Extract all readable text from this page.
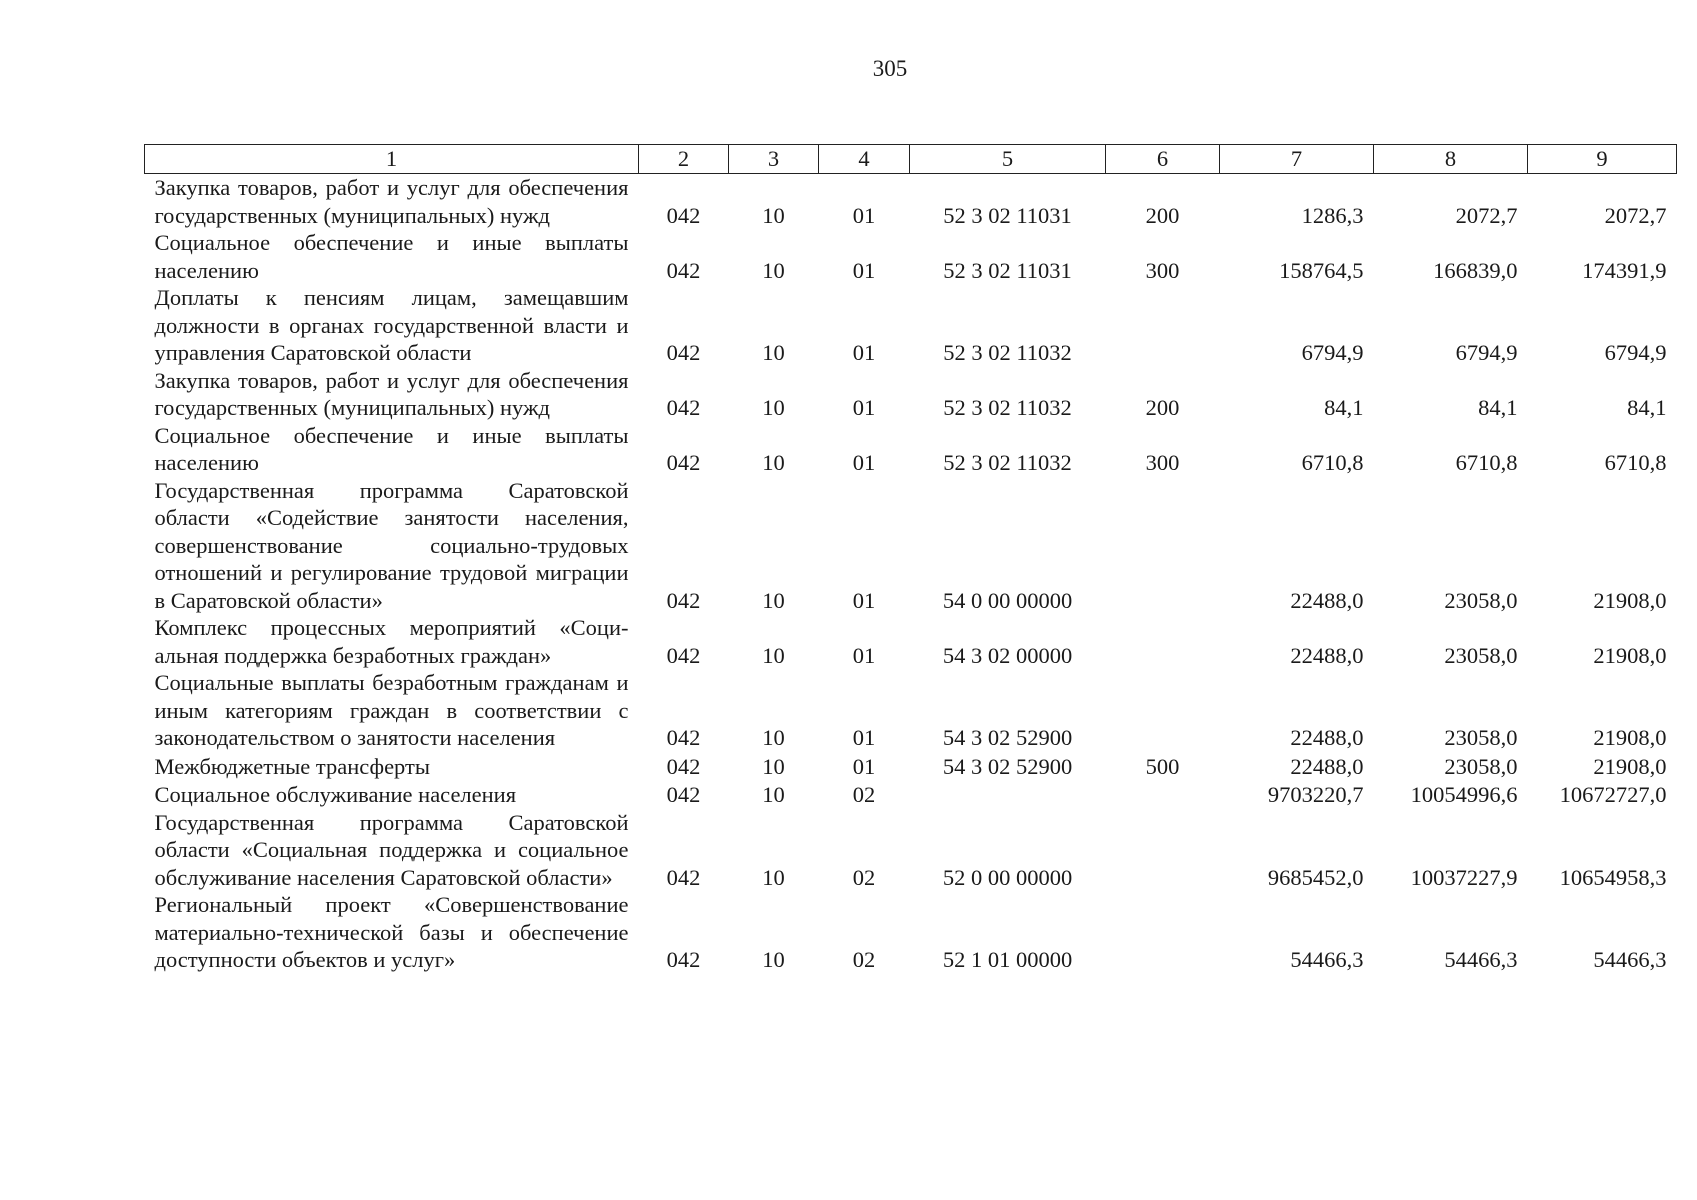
305
1	2	3	4	5	6	7	8	9
Закупка товаров, работ и услуг для обеспечения государственных (муниципальных) нужд	042	10	01	52 3 02 11031	200	1286,3	2072,7	2072,7
Социальное обеспечение и иные выплаты населению	042	10	01	52 3 02 11031	300	158764,5	166839,0	174391,9
Доплаты к пенсиям лицам, замещавшим должности в органах государственной власти и управления Саратовской области	042	10	01	52 3 02 11032		6794,9	6794,9	6794,9
Закупка товаров, работ и услуг для обеспечения государственных (муниципальных) нужд	042	10	01	52 3 02 11032	200	84,1	84,1	84,1
Социальное обеспечение и иные выплаты населению	042	10	01	52 3 02 11032	300	6710,8	6710,8	6710,8
Государственная программа Саратовской области «Содействие занятости населения, совершенствование социально-трудовых отношений и регулирование трудовой миграции в Саратовской области»	042	10	01	54 0 00 00000		22488,0	23058,0	21908,0
Комплекс процессных мероприятий «Социальная поддержка безработных граждан»	042	10	01	54 3 02 00000		22488,0	23058,0	21908,0
Социальные выплаты безработным гражданам и иным категориям граждан в соответствии с законодательством о занятости населения	042	10	01	54 3 02 52900		22488,0	23058,0	21908,0
Межбюджетные трансферты	042	10	01	54 3 02 52900	500	22488,0	23058,0	21908,0
Социальное обслуживание населения	042	10	02			9703220,7	10054996,6	10672727,0
Государственная программа Саратовской области «Социальная поддержка и социальное обслуживание населения Саратовской области»	042	10	02	52 0 00 00000		9685452,0	10037227,9	10654958,3
Региональный проект «Совершенствование материально-технической базы и обеспечение доступности объектов и услуг»	042	10	02	52 1 01 00000		54466,3	54466,3	54466,3
